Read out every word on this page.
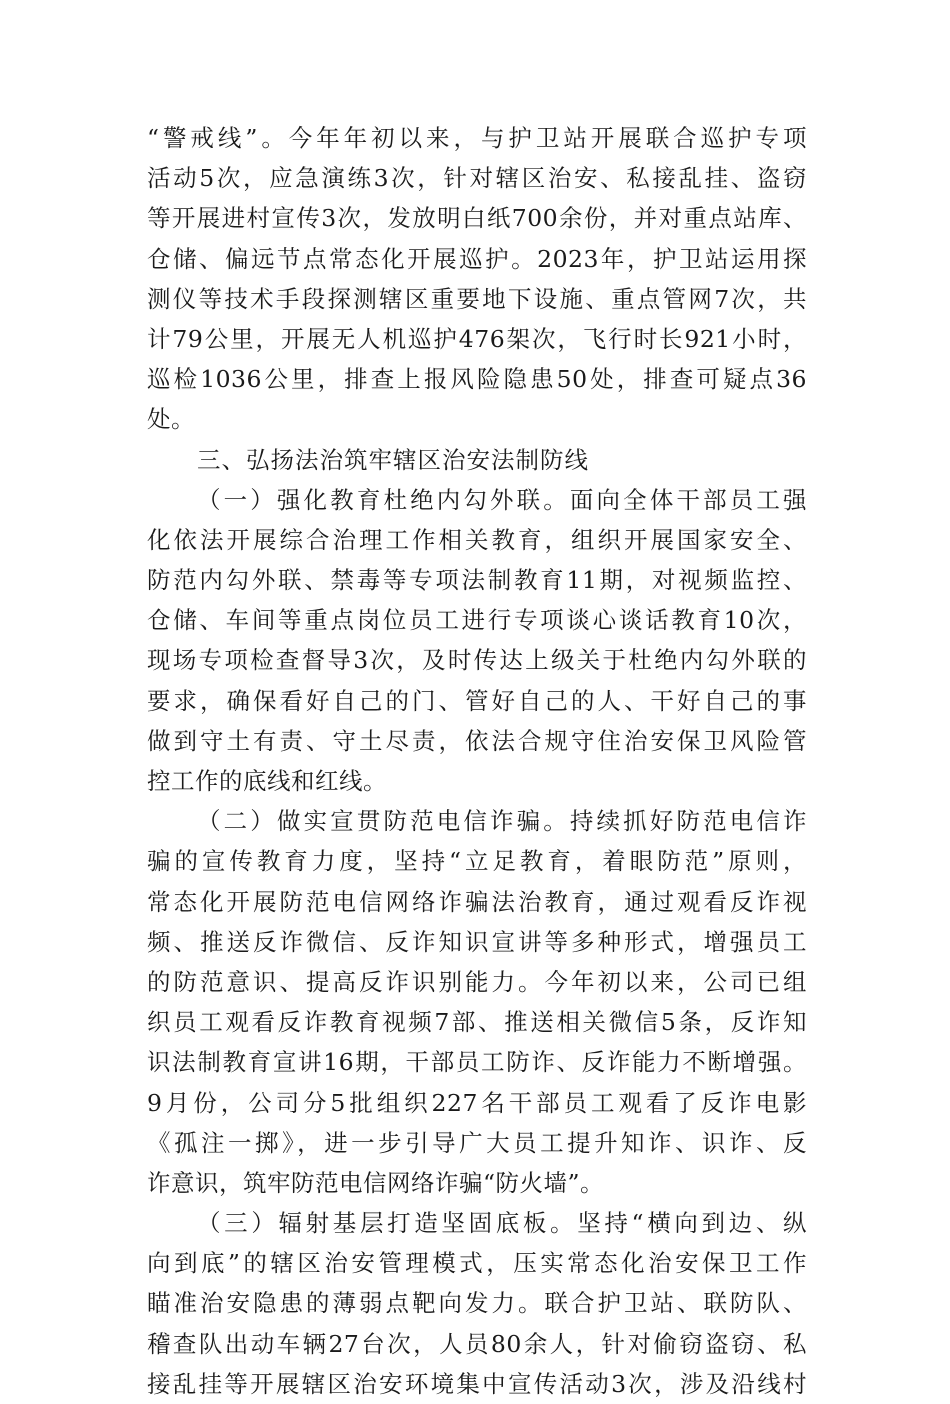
“警戒线”。今年年初以来，与护卫站开展联合巡护专项
活动5次，应急演练3次，针对辖区治安、私接乱挂、盗窃
等开展进村宣传3次，发放明白纸700余份，并对重点站库、
仓储、偏远节点常态化开展巡护。2023年，护卫站运用探
测仪等技术手段探测辖区重要地下设施、重点管网7次，共
计79公里，开展无人机巡护476架次，飞行时长921小时，
巡检1036公里，排查上报风险隐患50处，排查可疑点36
处。
三、弘扬法治筑牢辖区治安法制防线
（一）强化教育杜绝内勾外联。面向全体干部员工强
化依法开展综合治理工作相关教育，组织开展国家安全、
防范内勾外联、禁毒等专项法制教育11期，对视频监控、
仓储、车间等重点岗位员工进行专项谈心谈话教育10次，
现场专项检查督导3次，及时传达上级关于杜绝内勾外联的
要求，确保看好自己的门、管好自己的人、干好自己的事
做到守土有责、守土尽责，依法合规守住治安保卫风险管
控工作的底线和红线。
（二）做实宣贯防范电信诈骗。持续抓好防范电信诈
骗的宣传教育力度，坚持“立足教育，着眼防范”原则，
常态化开展防范电信网络诈骗法治教育，通过观看反诈视
频、推送反诈微信、反诈知识宣讲等多种形式，增强员工
的防范意识、提高反诈识别能力。今年初以来，公司已组
织员工观看反诈教育视频7部、推送相关微信5条，反诈知
识法制教育宣讲16期，干部员工防诈、反诈能力不断增强。
9月份，公司分5批组织227名干部员工观看了反诈电影
《孤注一掷》，进一步引导广大员工提升知诈、识诈、反
诈意识，筑牢防范电信网络诈骗“防火墙”。
（三）辐射基层打造坚固底板。坚持“横向到边、纵
向到底”的辖区治安管理模式，压实常态化治安保卫工作
瞄准治安隐患的薄弱点靶向发力。联合护卫站、联防队、
稽查队出动车辆27台次，人员80余人，针对偷窃盗窃、私
接乱挂等开展辖区治安环境集中宣传活动3次，涉及沿线村
